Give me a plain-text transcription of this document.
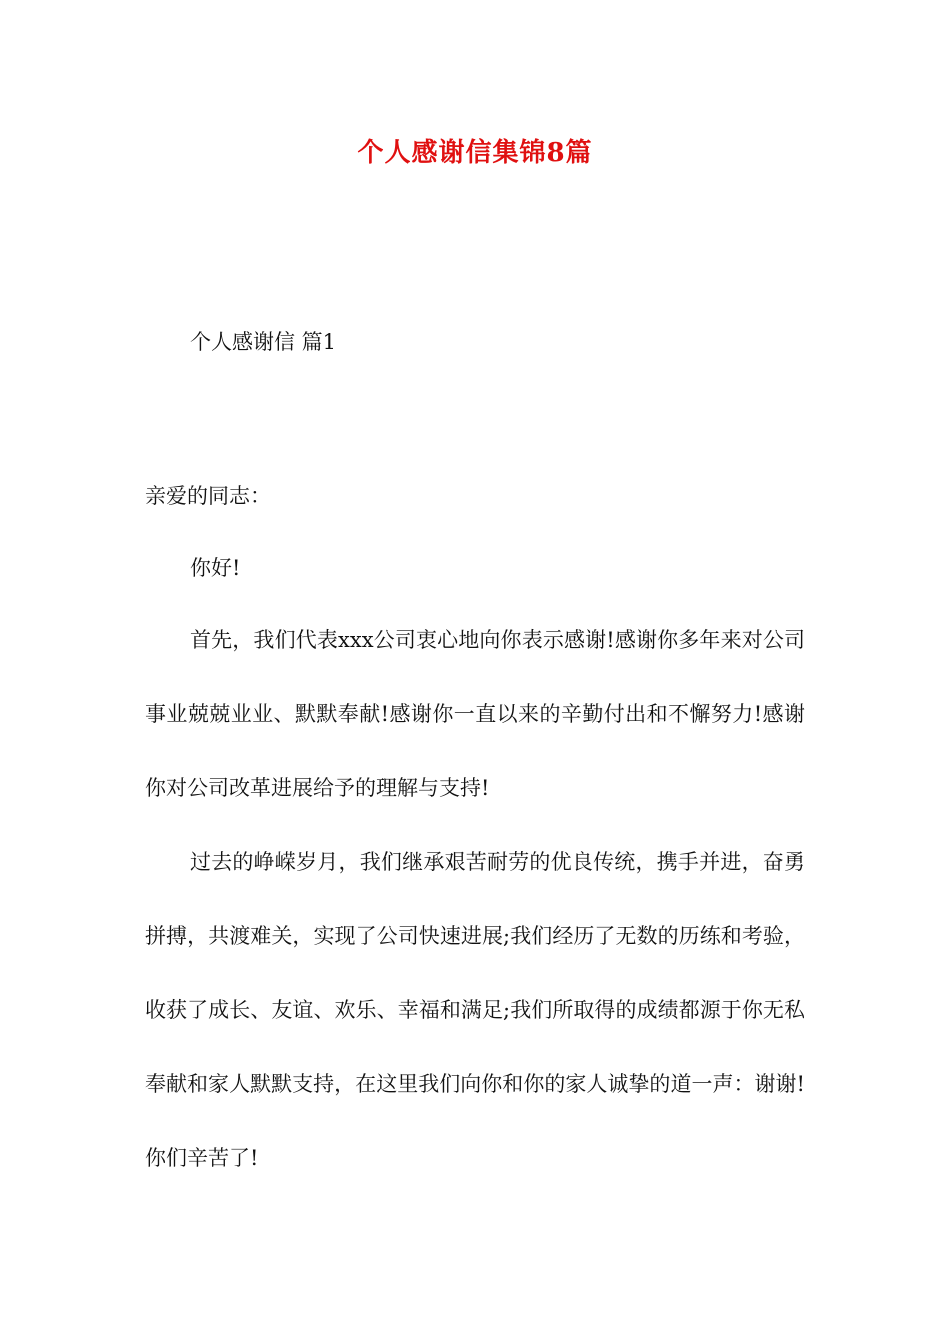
个人感谢信集锦8篇
个人感谢信 篇1
亲爱的同志：
你好!

首先，我们代表xxx公司衷心地向你表示感谢!感谢你多年来对公司事业兢兢业业、默默奉献!感谢你一直以来的辛勤付出和不懈努力!感谢你对公司改革进展给予的理解与支持!

过去的峥嵘岁月，我们继承艰苦耐劳的优良传统，携手并进，奋勇拼搏，共渡难关，实现了公司快速进展;我们经历了无数的历练和考验，收获了成长、友谊、欢乐、幸福和满足;我们所取得的成绩都源于你无私奉献和家人默默支持，在这里我们向你和你的家人诚挚的道一声：谢谢!你们辛苦了!
